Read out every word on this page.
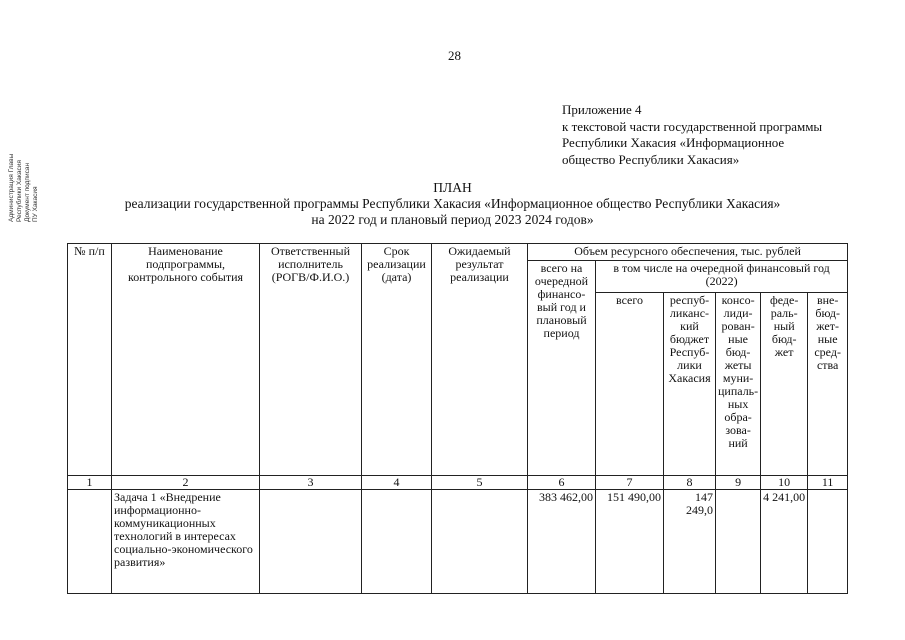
28
Администрация Главы Республики Хакасия Документ подписан ПУ Хакасия
Приложение 4
к текстовой части государственной программы
Республики Хакасия «Информационное
общество Республики Хакасия»
ПЛАН
реализации государственной программы Республики Хакасия «Информационное общество Республики Хакасия»
на 2022 год и плановый период 2023 2024 годов»
№ п/п	Наименование подпрограммы, контрольного события	Ответственный исполнитель (РОГВ/Ф.И.О.)	Срок реализации (дата)	Ожидаемый результат реализации	Объем ресурсного обеспечения, тыс. рублей					
					всего на очередной финансо-вый год и плановый период	в том числе на очередной финансовый год (2022)				
						всего	респуб-ликанс-кий бюджет Респуб-лики Хакасия	консо-лиди-рован-ные бюд-жеты муни-ципаль-ных обра-зова-ний	феде-раль-ный бюд-жет	вне-бюд-жет-ные сред-ства
1	2	3	4	5	6	7	8	9	10	11
	Задача 1 «Внедрение информационно-коммуникационных технологий в интересах социально-экономического развития»				383 462,00	151 490,00	147 249,0		4 241,00	
